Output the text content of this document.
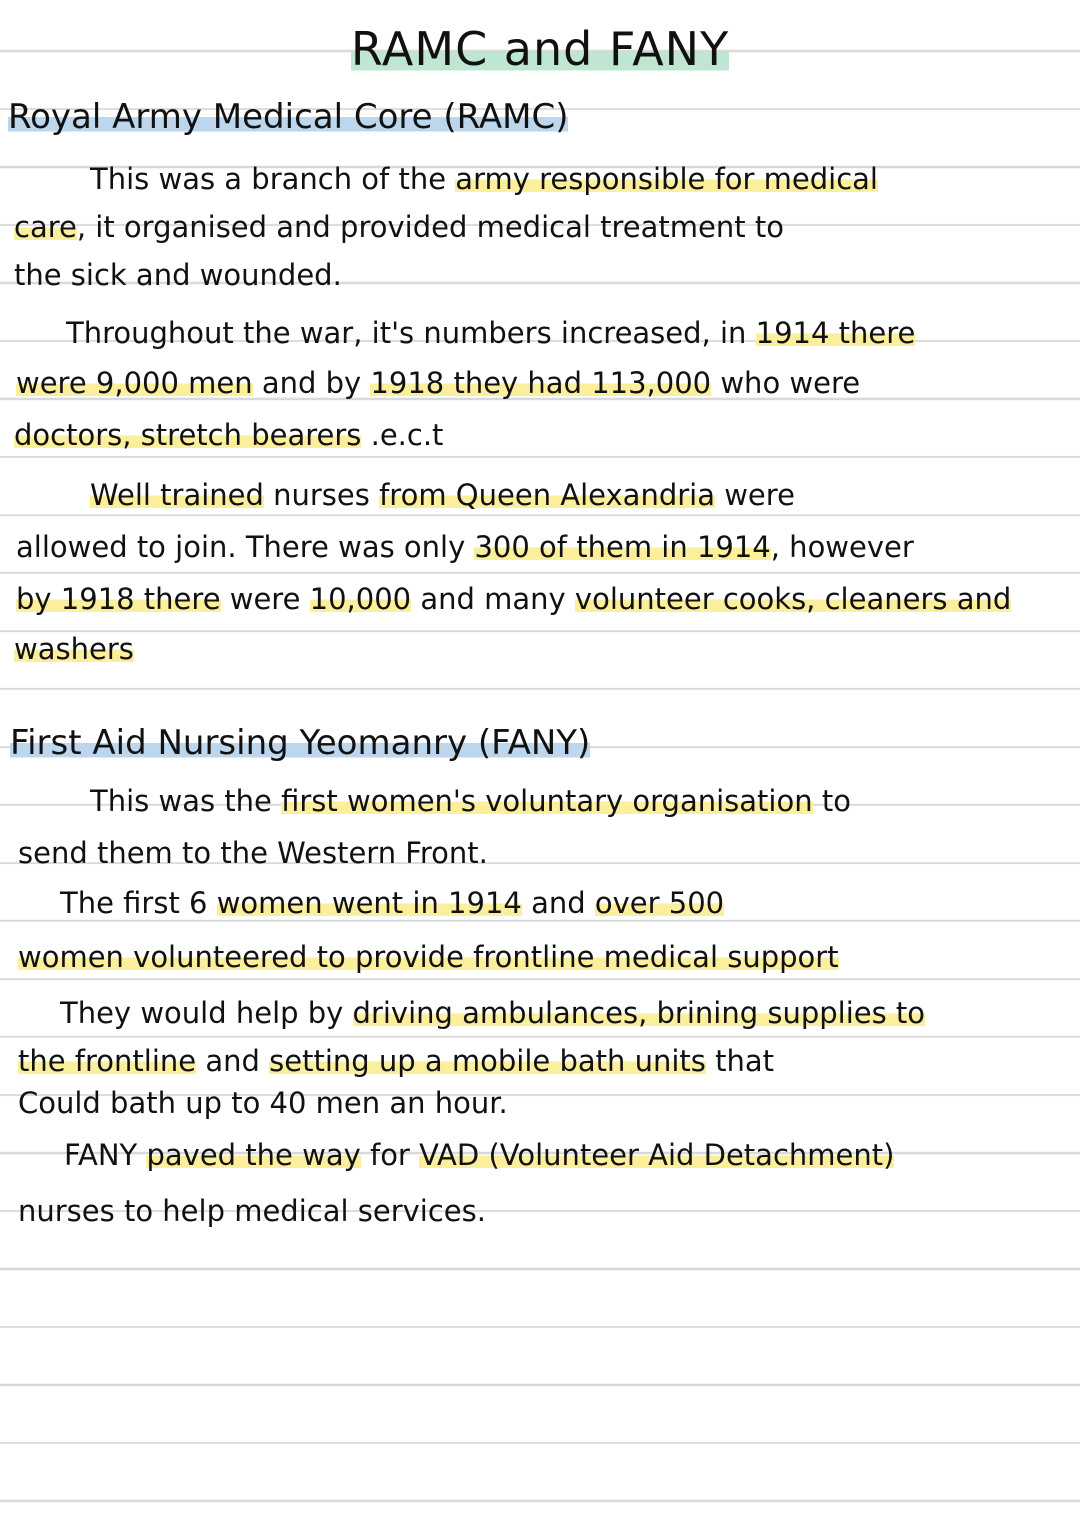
RAMC and FANY
Royal Army Medical Core (RAMC)
This was a branch of the army responsible for medical
care, it organised and provided medical treatment to
the sick and wounded.
Throughout the war, it's numbers increased, in 1914 there
were 9,000 men and by 1918 they had 113,000 who were
doctors, stretch bearers .e.c.t
Well trained nurses from Queen Alexandria were
allowed to join. There was only 300 of them in 1914, however
by 1918 there were 10,000 and many volunteer cooks, cleaners and
washers
First Aid Nursing Yeomanry (FANY)
This was the first women's voluntary organisation to
send them to the Western Front.
The first 6 women went in 1914 and over 500
women volunteered to provide frontline medical support
They would help by driving ambulances, brining supplies to
the frontline and setting up a mobile bath units that
Could bath up to 40 men an hour.
FANY paved the way for VAD (Volunteer Aid Detachment)
nurses to help medical services.
